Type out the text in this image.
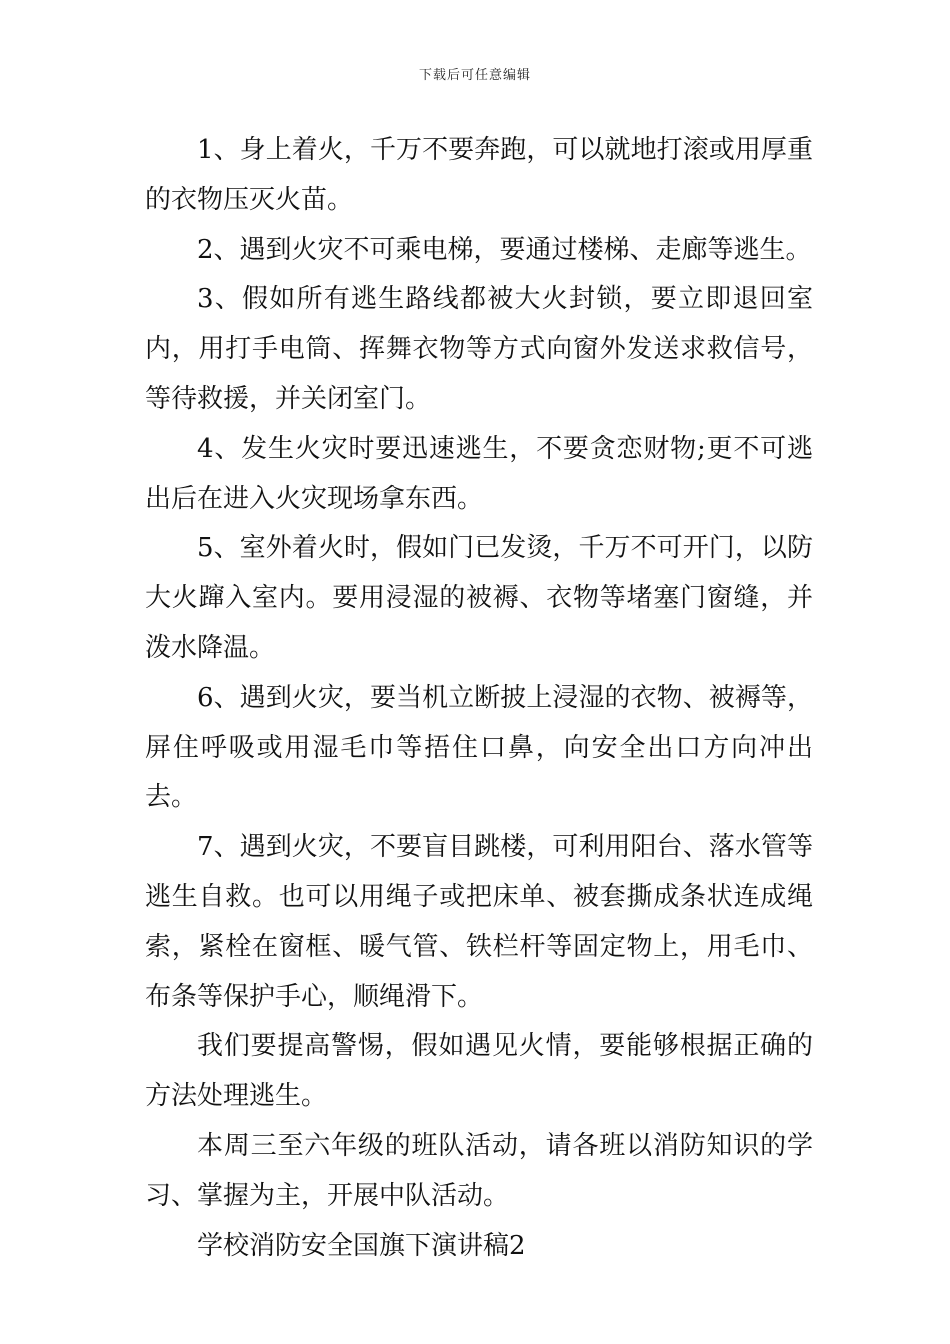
下载后可任意编辑

1、身上着火，千万不要奔跑，可以就地打滚或用厚重的衣物压灭火苗。

2、遇到火灾不可乘电梯，要通过楼梯、走廊等逃生。

3、假如所有逃生路线都被大火封锁，要立即退回室内，用打手电筒、挥舞衣物等方式向窗外发送求救信号，等待救援，并关闭室门。

4、发生火灾时要迅速逃生，不要贪恋财物;更不可逃出后在进入火灾现场拿东西。

5、室外着火时，假如门已发烫，千万不可开门，以防大火蹿入室内。要用浸湿的被褥、衣物等堵塞门窗缝，并泼水降温。

6、遇到火灾，要当机立断披上浸湿的衣物、被褥等，屏住呼吸或用湿毛巾等捂住口鼻，向安全出口方向冲出去。

7、遇到火灾，不要盲目跳楼，可利用阳台、落水管等逃生自救。也可以用绳子或把床单、被套撕成条状连成绳索，紧栓在窗框、暖气管、铁栏杆等固定物上，用毛巾、布条等保护手心，顺绳滑下。

我们要提高警惕，假如遇见火情，要能够根据正确的方法处理逃生。

本周三至六年级的班队活动，请各班以消防知识的学习、掌握为主，开展中队活动。

学校消防安全国旗下演讲稿2
